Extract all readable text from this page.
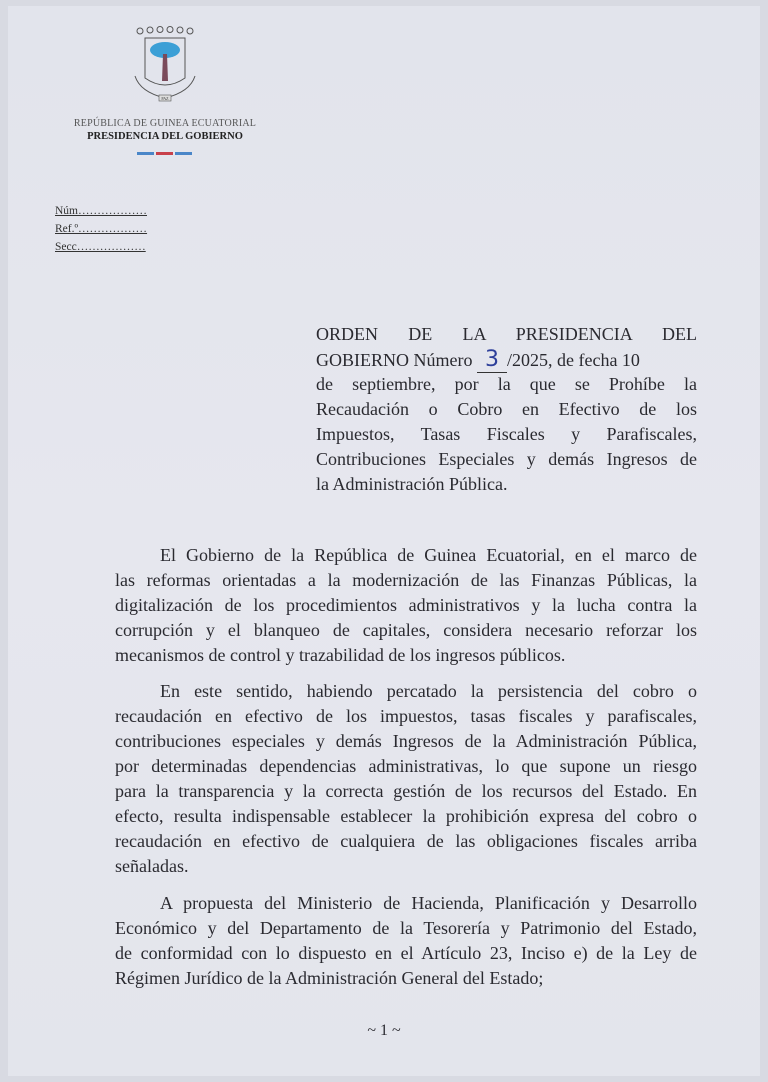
PAZ
REPÚBLICA DE GUINEA ECUATORIAL
PRESIDENCIA DEL GOBIERNO
Núm………………
Ref.º………………
Secc………………
ORDEN DE LA PRESIDENCIA DEL
GOBIERNO Número 3 /2025, de fecha 10
de septiembre, por la que se Prohíbe la
Recaudación o Cobro en Efectivo de los
Impuestos, Tasas Fiscales y Parafiscales,
Contribuciones Especiales y demás Ingresos de
la Administración Pública.
El Gobierno de la República de Guinea Ecuatorial, en el marco de
las reformas orientadas a la modernización de las Finanzas Públicas, la
digitalización de los procedimientos administrativos y la lucha contra la
corrupción y el blanqueo de capitales, considera necesario reforzar los
mecanismos de control y trazabilidad de los ingresos públicos.
En este sentido, habiendo percatado la persistencia del cobro o
recaudación en efectivo de los impuestos, tasas fiscales y parafiscales,
contribuciones especiales y demás Ingresos de la Administración Pública,
por determinadas dependencias administrativas, lo que supone un riesgo
para la transparencia y la correcta gestión de los recursos del Estado. En
efecto, resulta indispensable establecer la prohibición expresa del cobro o
recaudación en efectivo de cualquiera de las obligaciones fiscales arriba
señaladas.
A propuesta del Ministerio de Hacienda, Planificación y Desarrollo
Económico y del Departamento de la Tesorería y Patrimonio del Estado,
de conformidad con lo dispuesto en el Artículo 23, Inciso e) de la Ley de
Régimen Jurídico de la Administración General del Estado;
~ 1 ~
